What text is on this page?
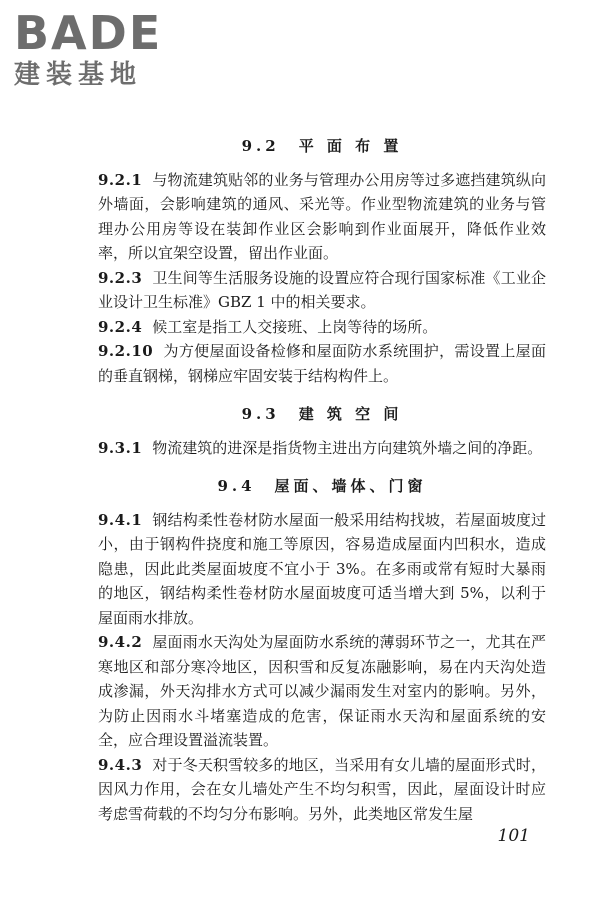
BADE
建装基地
9.2　平 面 布 置

9.2.1 与物流建筑贴邻的业务与管理办公用房等过多遮挡建筑纵向外墙面，会影响建筑的通风、采光等。作业型物流建筑的业务与管理办公用房等设在装卸作业区会影响到作业面展开，降低作业效率，所以宜架空设置，留出作业面。

9.2.3 卫生间等生活服务设施的设置应符合现行国家标准《工业企业设计卫生标准》GBZ 1 中的相关要求。

9.2.4 候工室是指工人交接班、上岗等待的场所。

9.2.10 为方便屋面设备检修和屋面防水系统围护，需设置上屋面的垂直钢梯，钢梯应牢固安装于结构构件上。

9.3　建 筑 空 间

9.3.1 物流建筑的进深是指货物主进出方向建筑外墙之间的净距。

9.4　屋面、墙体、门窗

9.4.1 钢结构柔性卷材防水屋面一般采用结构找坡，若屋面坡度过小，由于钢构件挠度和施工等原因，容易造成屋面内凹积水，造成隐患，因此此类屋面坡度不宜小于 3%。在多雨或常有短时大暴雨的地区，钢结构柔性卷材防水屋面坡度可适当增大到 5%，以利于屋面雨水排放。

9.4.2 屋面雨水天沟处为屋面防水系统的薄弱环节之一，尤其在严寒地区和部分寒冷地区，因积雪和反复冻融影响，易在内天沟处造成渗漏，外天沟排水方式可以减少漏雨发生对室内的影响。另外，为防止因雨水斗堵塞造成的危害，保证雨水天沟和屋面系统的安全，应合理设置溢流装置。

9.4.3 对于冬天积雪较多的地区，当采用有女儿墙的屋面形式时，因风力作用，会在女儿墙处产生不均匀积雪，因此，屋面设计时应考虑雪荷载的不均匀分布影响。另外，此类地区常发生屋

101
